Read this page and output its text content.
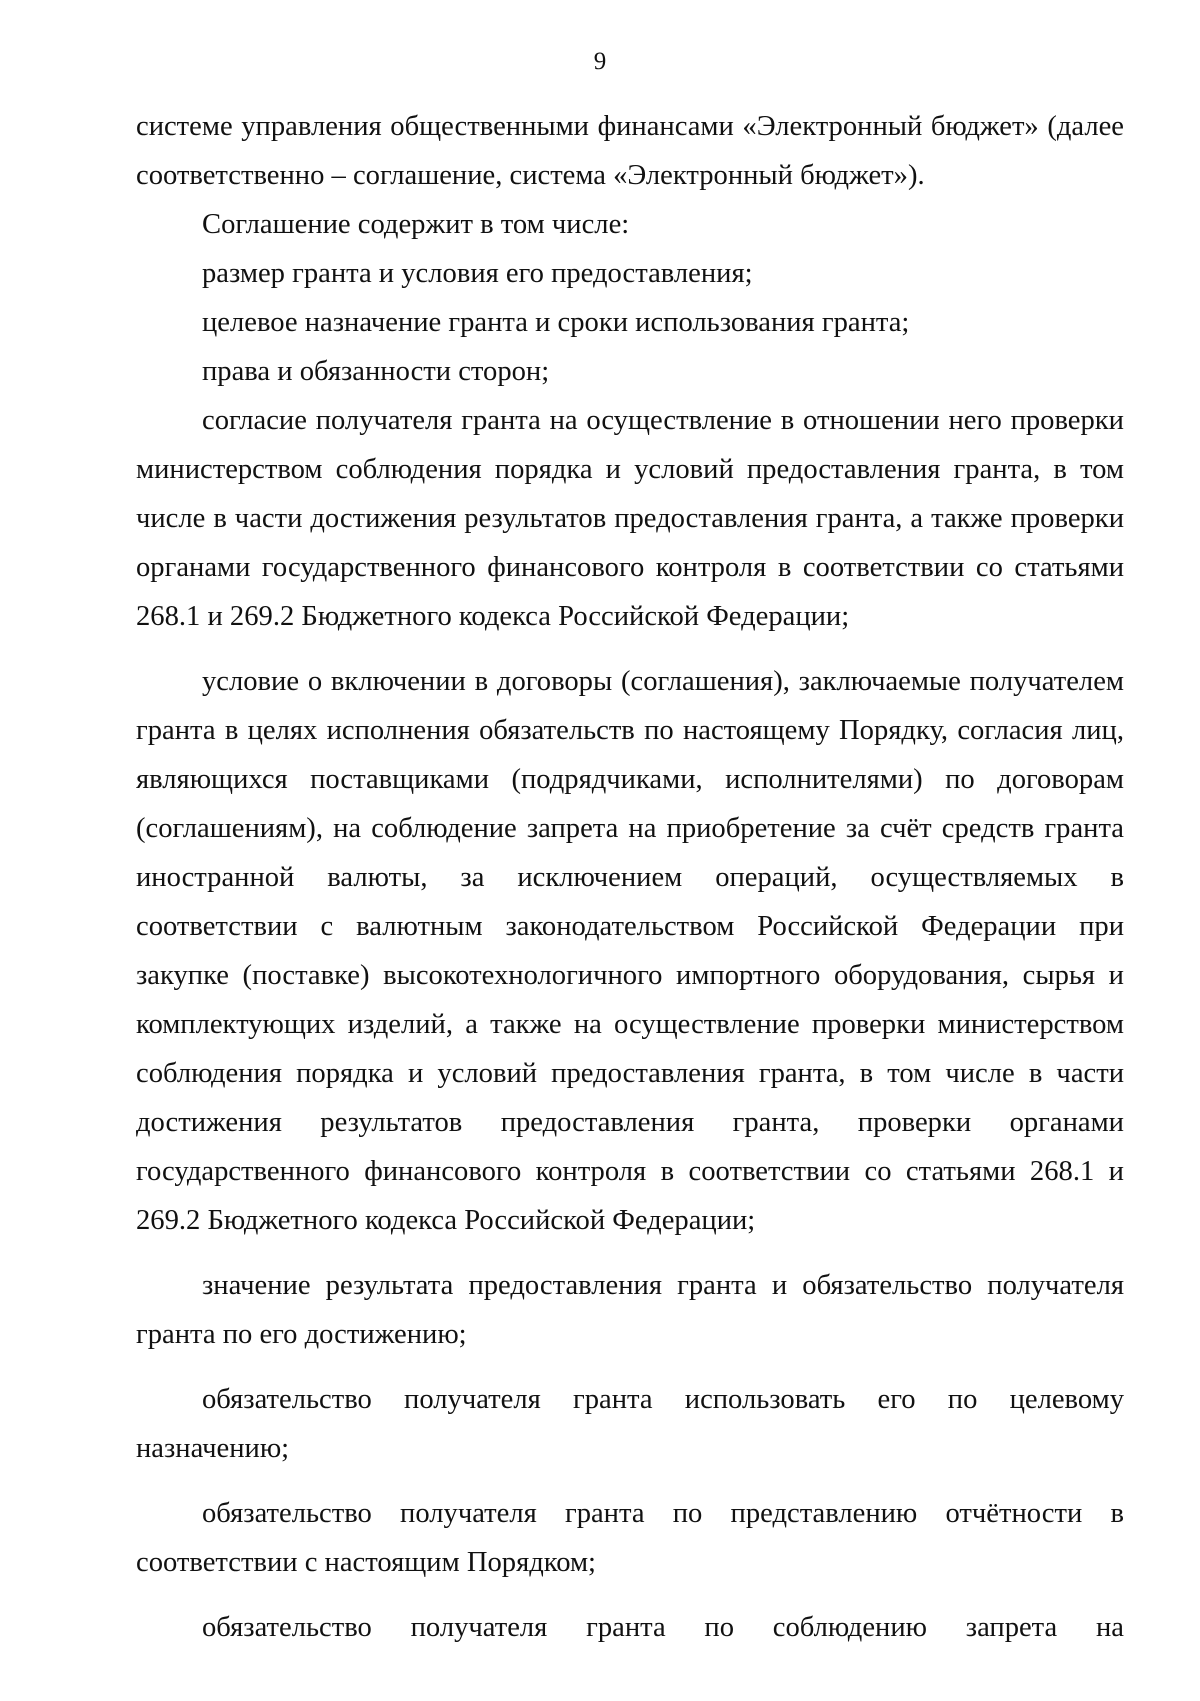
9

системе управления общественными финансами «Электронный бюджет» (далее соответственно – соглашение, система «Электронный бюджет»).

Соглашение содержит в том числе:

размер гранта и условия его предоставления;

целевое назначение гранта и сроки использования гранта;

права и обязанности сторон;

согласие получателя гранта на осуществление в отношении него проверки министерством соблюдения порядка и условий предоставления гранта, в том числе в части достижения результатов предоставления гранта, а также проверки органами государственного финансового контроля в соответствии со статьями 268.1 и 269.2 Бюджетного кодекса Российской Федерации;

условие о включении в договоры (соглашения), заключаемые получателем гранта в целях исполнения обязательств по настоящему Порядку, согласия лиц, являющихся поставщиками (подрядчиками, исполнителями) по договорам (соглашениям), на соблюдение запрета на приобретение за счёт средств гранта иностранной валюты, за исключением операций, осуществляемых в соответствии с валютным законодательством Российской Федерации при закупке (поставке) высокотехнологичного импортного оборудования, сырья и комплектующих изделий, а также на осуществление проверки министерством соблюдения порядка и условий предоставления гранта, в том числе в части достижения результатов предоставления гранта, проверки органами государственного финансового контроля в соответствии со статьями 268.1 и 269.2 Бюджетного кодекса Российской Федерации;

значение результата предоставления гранта и обязательство получателя гранта по его достижению;

обязательство получателя гранта использовать его по целевому назначению;

обязательство получателя гранта по представлению отчётности в соответствии с настоящим Порядком;

обязательство получателя гранта по соблюдению запрета на
